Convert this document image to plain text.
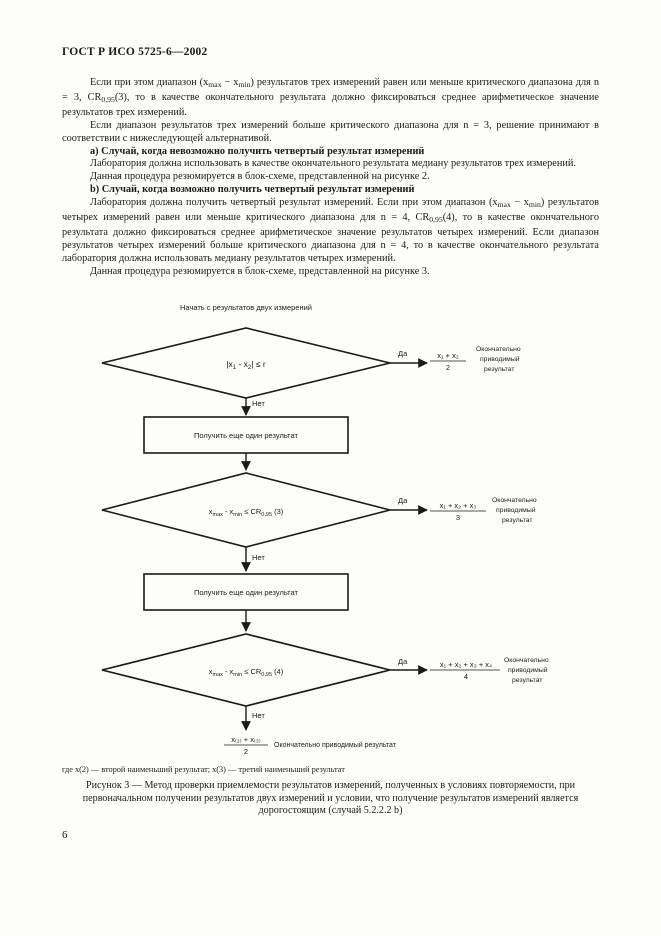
ГОСТ Р ИСО 5725-6—2002

Если при этом диапазон $(x_{max} - x_{min})$ результатов трех измерений равен или меньше критического диапазона для n = 3, $CR_{0,95}(3)$, то в качестве окончательного результата должно фиксироваться среднее арифметическое значение результатов трех измерений.

Если диапазон результатов трех измерений больше критического диапазона для n = 3, решение принимают в соответствии с нижеследующей альтернативой.

а) Случай, когда невозможно получить четвертый результат измерений

Лаборатория должна использовать в качестве окончательного результата медиану результатов трех измерений.

Данная процедура резюмируется в блок-схеме, представленной на рисунке 2.

b) Случай, когда возможно получить четвертый результат измерений

Лаборатория должна получить четвертый результат измерений. Если при этом диапазон $(x_{max} - x_{min})$ результатов четырех измерений равен или меньше критического диапазона для n = 4, $CR_{0,95}(4)$, то в качестве окончательного результата должно фиксироваться среднее арифметическое значение результатов четырех измерений. Если диапазон результатов четырех измерений больше критического диапазона для n = 4, то в качестве окончательного результата лаборатория должна использовать медиану результатов четырех измерений.

Данная процедура резюмируется в блок-схеме, представленной на рисунке 3.

Начать с результатов двух измерений
$|x_1 - x_2| \le r$
Да	x₁ + x₂
2
Окончательно
приводимый
результат
Нет
Получить еще один результат
$x_{max} - x_{min} \le CR_{0,95}$ (3)
Да
x₁ + x₂ + x₃
3
Окончательно
приводимый
результат
Нет
Получить еще один результат
$x_{max} - x_{min} \le CR_{0,95}$ (4)
Да	x₁ + x₂ + x₃ + x₄
4
Окончательно
приводимый
результат
Нет
x₍₂₎ + x₍₃₎
2
Окончательно приводимый результат
где x(2) — второй наименьший результат; x(3) — третий наименьший результат
Рисунок 3 — Метод проверки приемлемости результатов измерений, полученных в условиях повторяемости, при первоначальном получении результатов двух измерений и условии, что получение результатов измерений является дорогостоящим (случай 5.2.2.2 b)
6
